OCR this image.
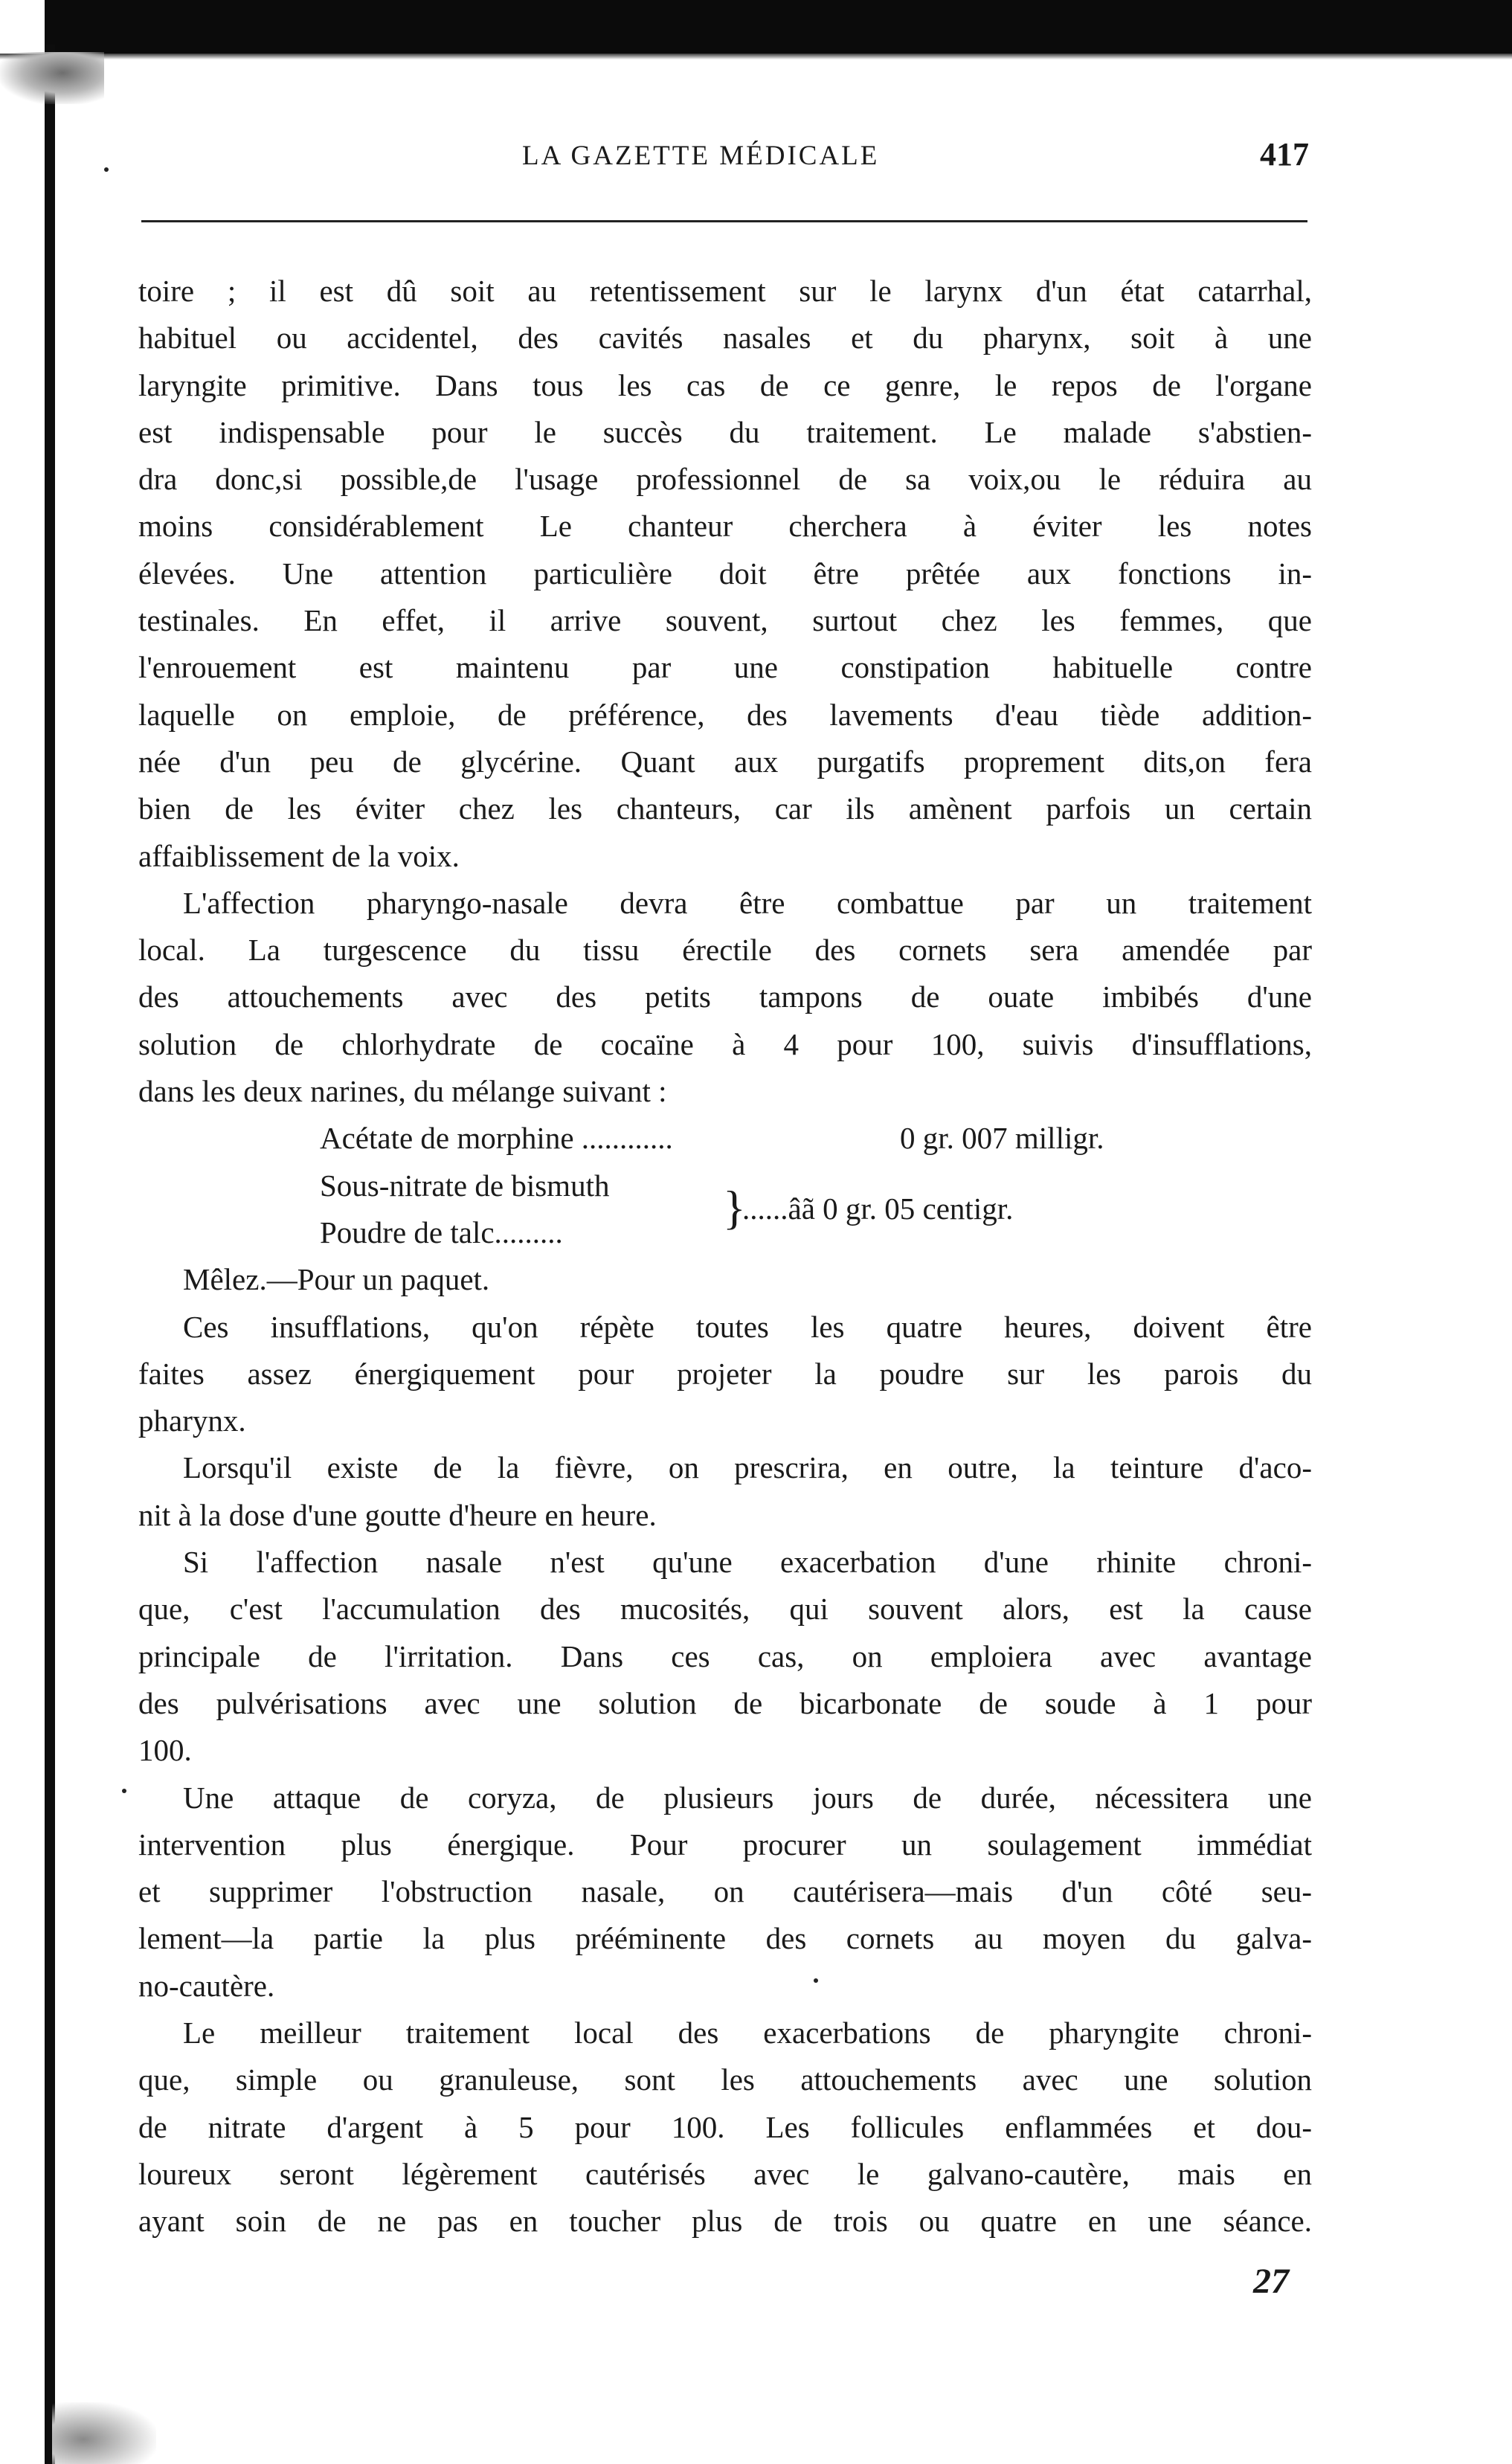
LA GAZETTE MÉDICALE	417
toire ; il est dû soit au retentissement sur le larynx d'un état catarrhal,
habituel ou accidentel, des cavités nasales et du pharynx, soit à une
laryngite primitive. Dans tous les cas de ce genre, le repos de l'organe
est indispensable pour le succès du traitement. Le malade s'abstien-
dra donc,si possible,de l'usage professionnel de sa voix,ou le réduira au
moins considérablement Le chanteur cherchera à éviter les notes
élevées. Une attention particulière doit être prêtée aux fonctions in-
testinales. En effet, il arrive souvent, surtout chez les femmes, que
l'enrouement est maintenu par une constipation habituelle contre
laquelle on emploie, de préférence, des lavements d'eau tiède addition-
née d'un peu de glycérine. Quant aux purgatifs proprement dits,on fera
bien de les éviter chez les chanteurs, car ils amènent parfois un certain
affaiblissement de la voix.
L'affection pharyngo-nasale devra être combattue par un traitement
local. La turgescence du tissu érectile des cornets sera amendée par
des attouchements avec des petits tampons de ouate imbibés d'une
solution de chlorhydrate de cocaïne à 4 pour 100, suivis d'insufflations,
dans les deux narines, du mélange suivant :
Acétate de morphine ............	0 gr. 007 milligr.
Sous-nitrate de bismuth }
......âã 0 gr. 05 centigr.
Poudre de talc.........
Mêlez.—Pour un paquet.
Ces insufflations, qu'on répète toutes les quatre heures, doivent être
faites assez énergiquement pour projeter la poudre sur les parois du
pharynx.
Lorsqu'il existe de la fièvre, on prescrira, en outre, la teinture d'aco-
nit à la dose d'une goutte d'heure en heure.
Si l'affection nasale n'est qu'une exacerbation d'une rhinite chroni-
que, c'est l'accumulation des mucosités, qui souvent alors, est la cause
principale de l'irritation. Dans ces cas, on emploiera avec avantage
des pulvérisations avec une solution de bicarbonate de soude à 1 pour
100.
Une attaque de coryza, de plusieurs jours de durée, nécessitera une
intervention plus énergique. Pour procurer un soulagement immédiat
et supprimer l'obstruction nasale, on cautérisera—mais d'un côté seu-
lement—la partie la plus prééminente des cornets au moyen du galva-
no-cautère.
Le meilleur traitement local des exacerbations de pharyngite chroni-
que, simple ou granuleuse, sont les attouchements avec une solution
de nitrate d'argent à 5 pour 100. Les follicules enflammées et dou-
loureux seront légèrement cautérisés avec le galvano-cautère, mais en
ayant soin de ne pas en toucher plus de trois ou quatre en une séance.
27
